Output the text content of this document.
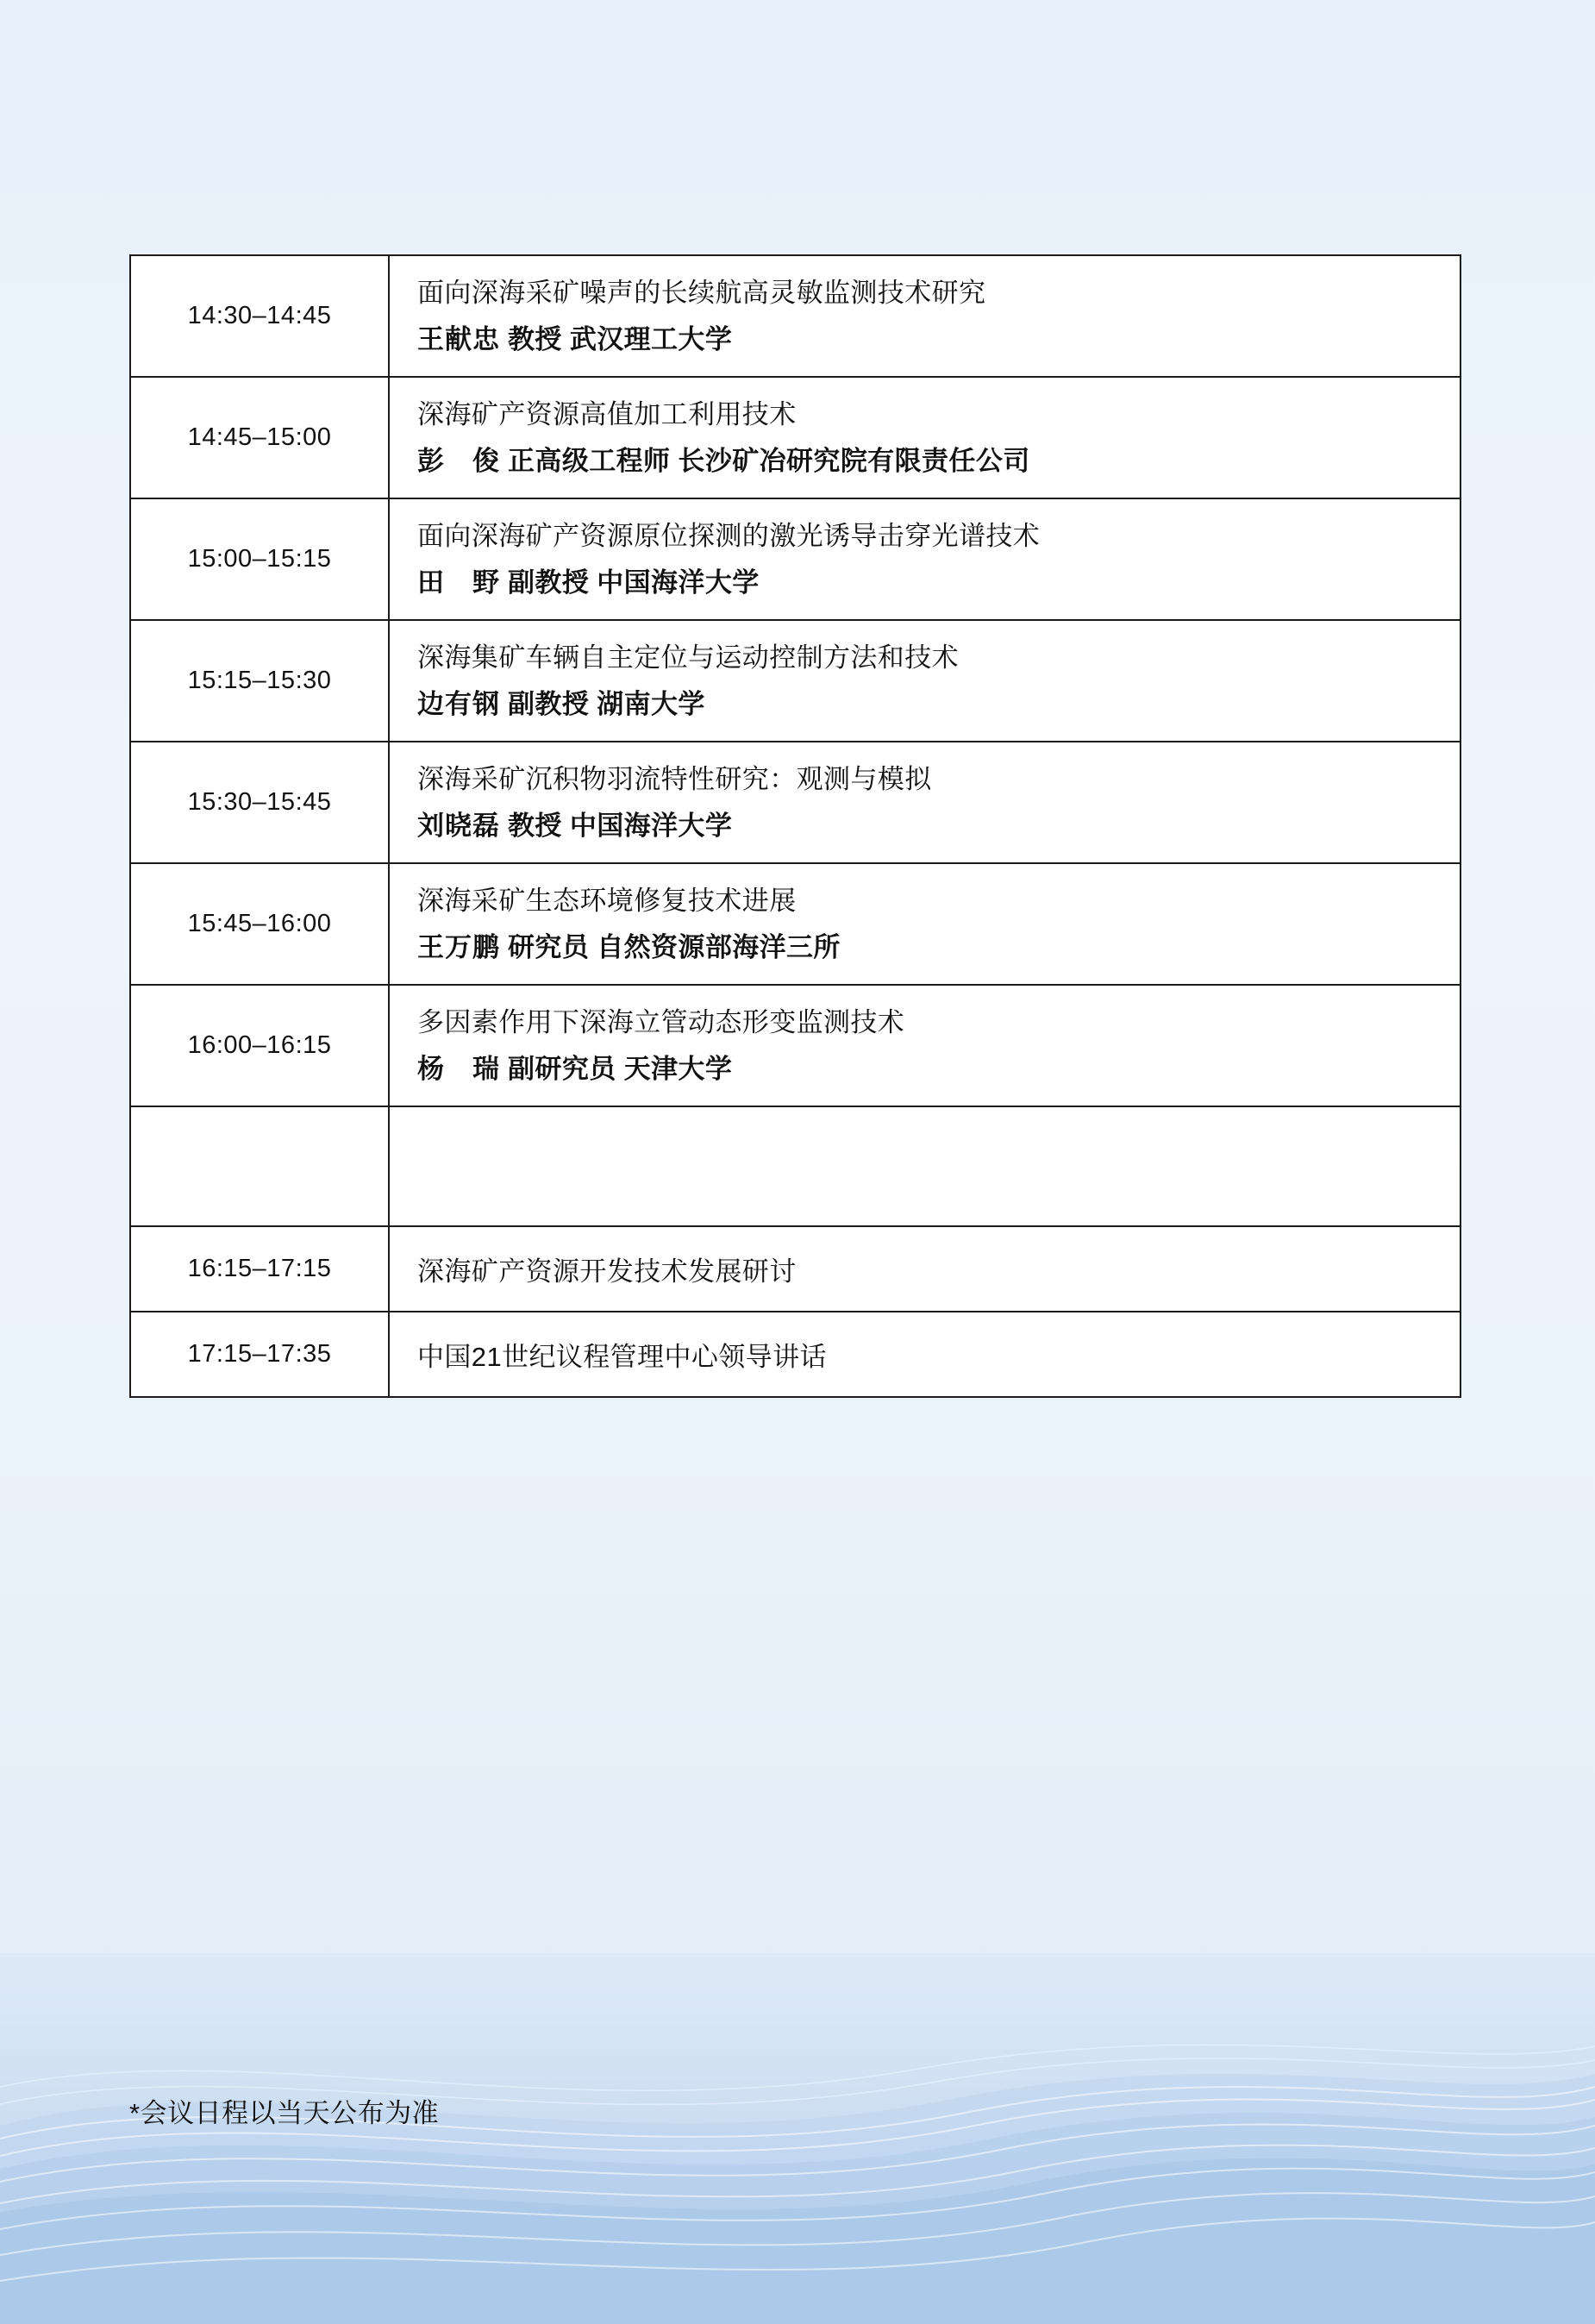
14:30–14:45	面向深海采矿噪声的长续航高灵敏监测技术研究
王献忠 教授 武汉理工大学

14:45–15:00	深海矿产资源高值加工利用技术
彭　俊 正高级工程师 长沙矿冶研究院有限责任公司

15:00–15:15	面向深海矿产资源原位探测的激光诱导击穿光谱技术
田　野 副教授 中国海洋大学

15:15–15:30	深海集矿车辆自主定位与运动控制方法和技术
边有钢 副教授 湖南大学

15:30–15:45	深海采矿沉积物羽流特性研究：观测与模拟
刘晓磊 教授 中国海洋大学

15:45–16:00	深海采矿生态环境修复技术进展
王万鹏 研究员 自然资源部海洋三所

16:00–16:15	多因素作用下深海立管动态形变监测技术
杨　瑞 副研究员 天津大学

第三部分
主题报告	（五）专题研讨
16:15–17:15	深海矿产资源开发技术发展研讨
17:15–17:35	中国21世纪议程管理中心领导讲话
*会议日程以当天公布为准
